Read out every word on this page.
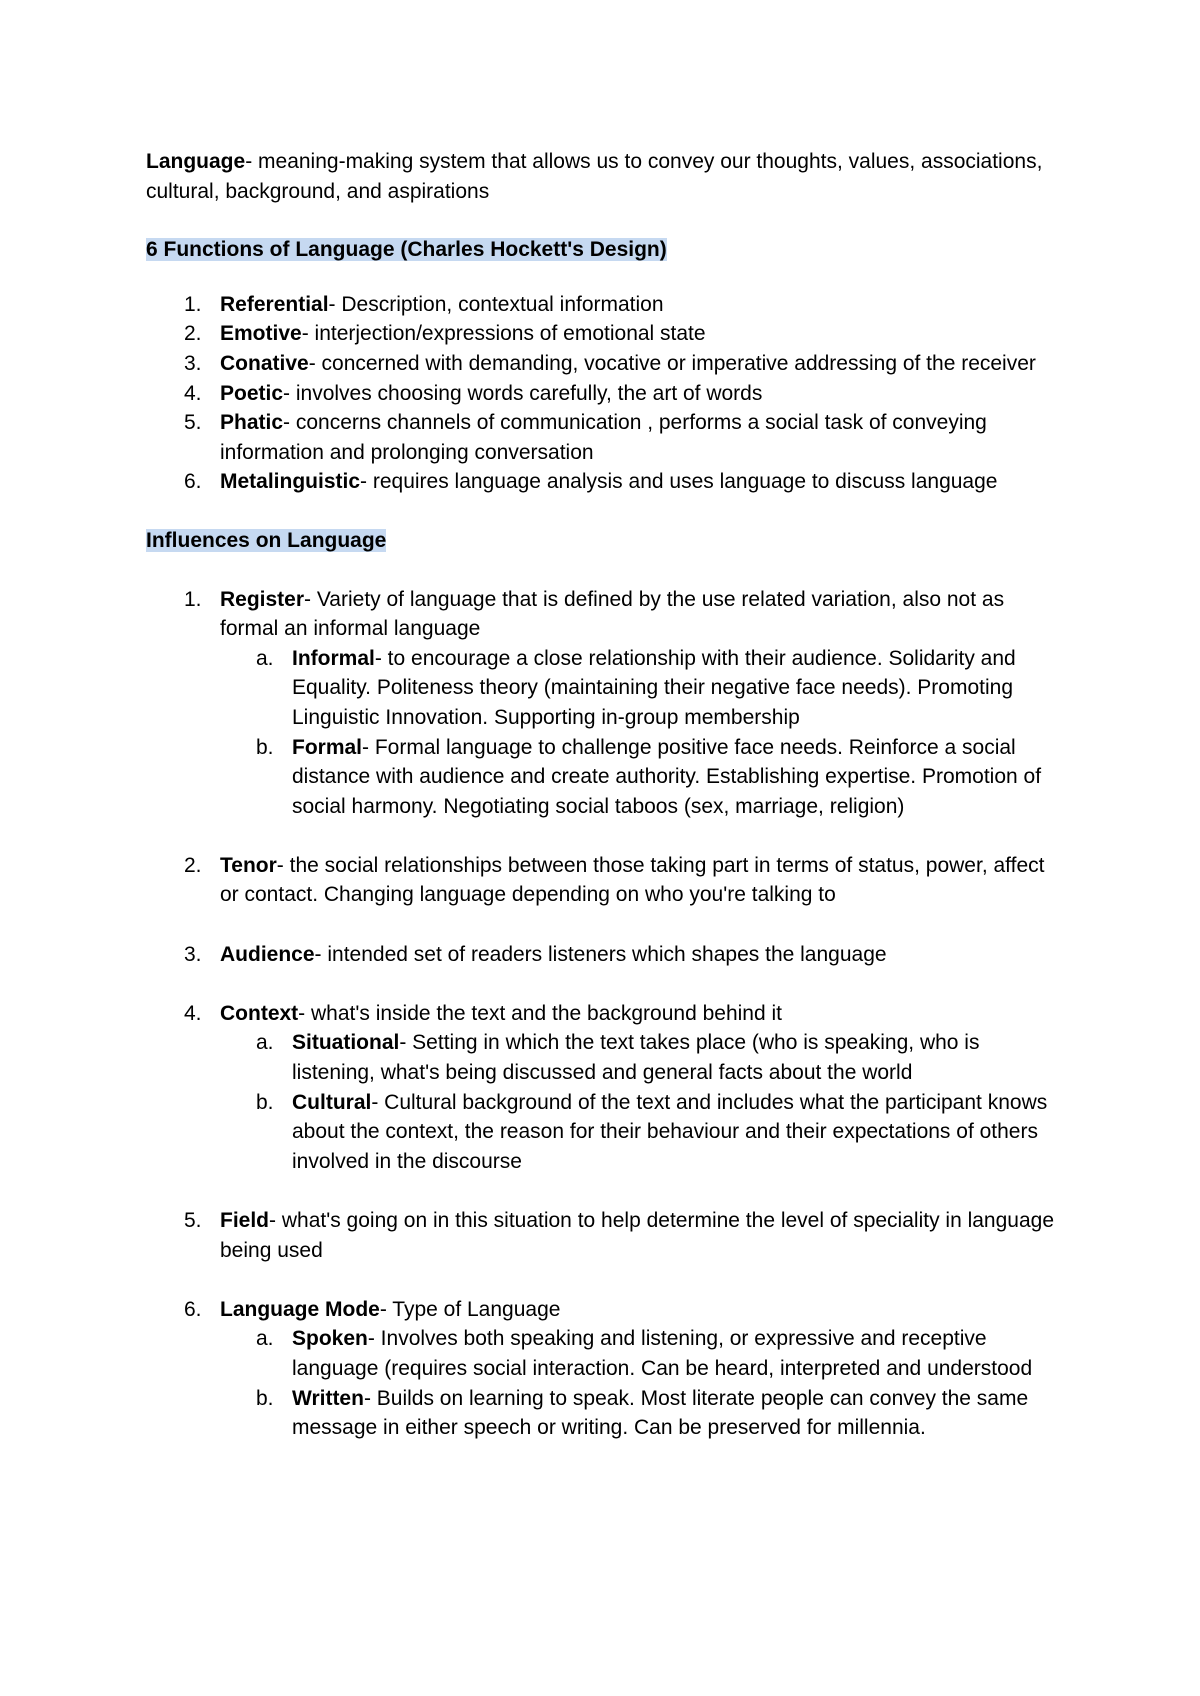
Language- meaning-making system that allows us to convey our thoughts, values, associations, cultural, background, and aspirations

6 Functions of Language (Charles Hockett's Design)
1. Referential- Description, contextual information
2. Emotive- interjection/expressions of emotional state
3. Conative- concerned with demanding, vocative or imperative addressing of the receiver
4. Poetic- involves choosing words carefully, the art of words
5. Phatic- concerns channels of communication , performs a social task of conveying information and prolonging conversation
6. Metalinguistic- requires language analysis and uses language to discuss language
Influences on Language
1. Register- Variety of language that is defined by the use related variation, also not as formal an informal language
a. Informal- to encourage a close relationship with their audience. Solidarity and Equality. Politeness theory (maintaining their negative face needs). Promoting Linguistic Innovation. Supporting in-group membership
b. Formal- Formal language to challenge positive face needs. Reinforce a social distance with audience and create authority. Establishing expertise. Promotion of social harmony. Negotiating social taboos (sex, marriage, religion)
2. Tenor- the social relationships between those taking part in terms of status, power, affect or contact. Changing language depending on who you're talking to
3. Audience- intended set of readers listeners which shapes the language
4. Context- what's inside the text and the background behind it
a. Situational- Setting in which the text takes place (who is speaking, who is listening, what's being discussed and general facts about the world
b. Cultural- Cultural background of the text and includes what the participant knows about the context, the reason for their behaviour and their expectations of others involved in the discourse
5. Field- what's going on in this situation to help determine the level of speciality in language being used
6. Language Mode- Type of Language
a. Spoken- Involves both speaking and listening, or expressive and receptive language (requires social interaction. Can be heard, interpreted and understood
b. Written- Builds on learning to speak. Most literate people can convey the same message in either speech or writing. Can be preserved for millennia.
